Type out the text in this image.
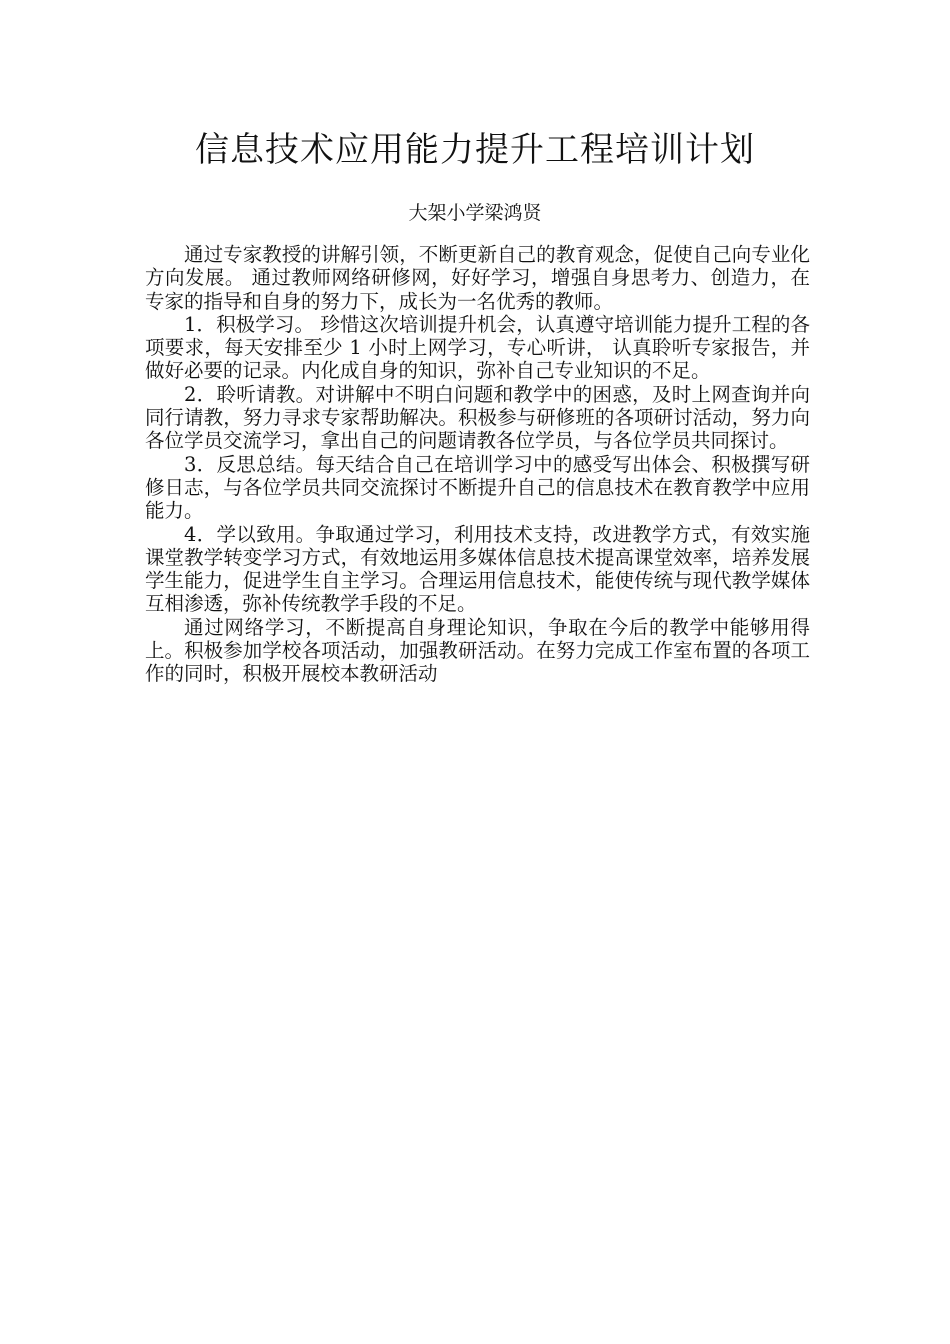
信息技术应用能力提升工程培训计划
大架小学梁鸿贤

通过专家教授的讲解引领，不断更新自己的教育观念，促使自己向专业化方向发展。 通过教师网络研修网，好好学习，增强自身思考力、创造力，在专家的指导和自身的努力下，成长为一名优秀的教师。

1．积极学习。 珍惜这次培训提升机会，认真遵守培训能力提升工程的各项要求，每天安排至少 1 小时上网学习，专心听讲， 认真聆听专家报告，并做好必要的记录。内化成自身的知识，弥补自己专业知识的不足。

2．聆听请教。对讲解中不明白问题和教学中的困惑，及时上网查询并向同行请教，努力寻求专家帮助解决。积极参与研修班的各项研讨活动，努力向各位学员交流学习，拿出自己的问题请教各位学员，与各位学员共同探讨。

3．反思总结。每天结合自己在培训学习中的感受写出体会、积极撰写研修日志，与各位学员共同交流探讨不断提升自己的信息技术在教育教学中应用能力。

4．学以致用。争取通过学习，利用技术支持，改进教学方式，有效实施课堂教学转变学习方式，有效地运用多媒体信息技术提高课堂效率，培养发展学生能力，促进学生自主学习。合理运用信息技术，能使传统与现代教学媒体互相渗透，弥补传统教学手段的不足。

通过网络学习，不断提高自身理论知识，争取在今后的教学中能够用得上。积极参加学校各项活动，加强教研活动。在努力完成工作室布置的各项工作的同时，积极开展校本教研活动
